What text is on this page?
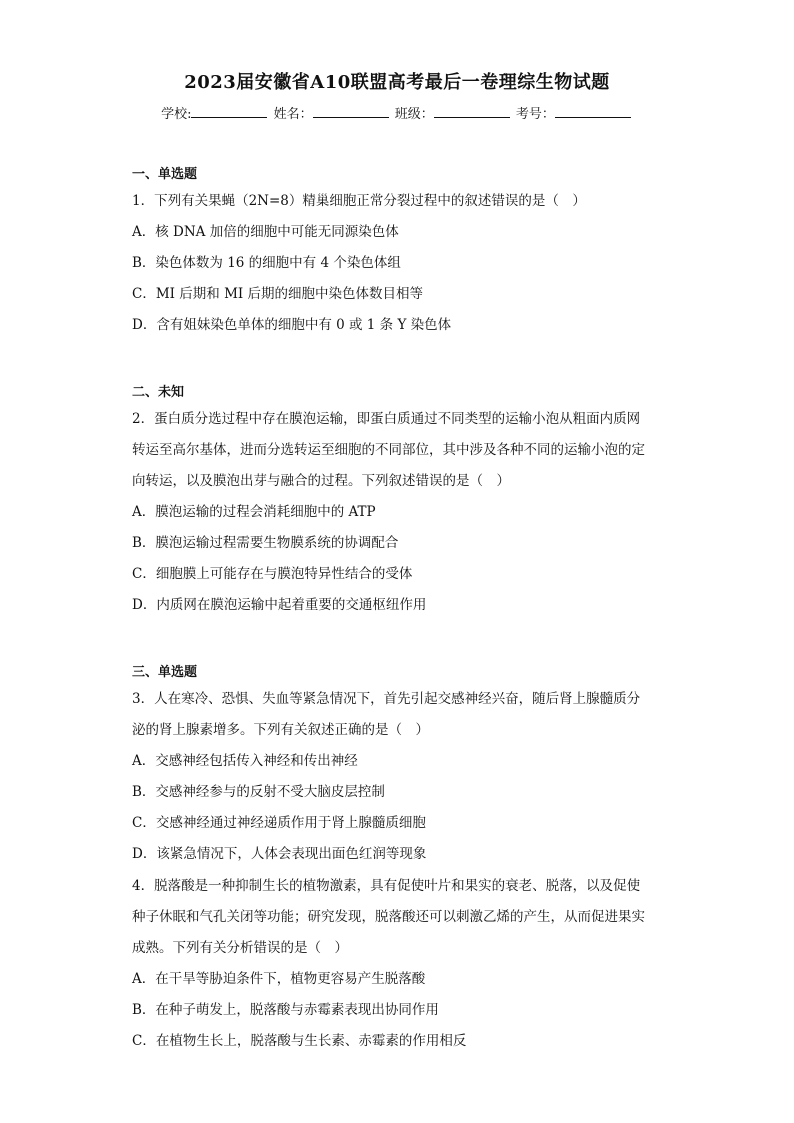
2023届安徽省A10联盟高考最后一卷理综生物试题
学校:	姓名：	班级：	考号：
一、单选题
1．下列有关果蝇（2N=8）精巢细胞正常分裂过程中的叙述错误的是（　）
A．核 DNA 加倍的细胞中可能无同源染色体
B．染色体数为 16 的细胞中有 4 个染色体组
C．MI 后期和 MI 后期的细胞中染色体数目相等
D．含有姐妹染色单体的细胞中有 0 或 1 条 Y 染色体
二、未知
2．蛋白质分选过程中存在膜泡运输，即蛋白质通过不同类型的运输小泡从粗面内质网
转运至高尔基体，进而分选转运至细胞的不同部位，其中涉及各种不同的运输小泡的定
向转运，以及膜泡出芽与融合的过程。下列叙述错误的是（　）
A．膜泡运输的过程会消耗细胞中的 ATP
B．膜泡运输过程需要生物膜系统的协调配合
C．细胞膜上可能存在与膜泡特异性结合的受体
D．内质网在膜泡运输中起着重要的交通枢纽作用
三、单选题
3．人在寒冷、恐惧、失血等紧急情况下，首先引起交感神经兴奋，随后肾上腺髓质分
泌的肾上腺素增多。下列有关叙述正确的是（　）
A．交感神经包括传入神经和传出神经
B．交感神经参与的反射不受大脑皮层控制
C．交感神经通过神经递质作用于肾上腺髓质细胞
D．该紧急情况下，人体会表现出面色红润等现象
4．脱落酸是一种抑制生长的植物激素，具有促使叶片和果实的衰老、脱落，以及促使
种子休眠和气孔关闭等功能；研究发现，脱落酸还可以刺激乙烯的产生，从而促进果实
成熟。下列有关分析错误的是（　）
A．在干旱等胁迫条件下，植物更容易产生脱落酸
B．在种子萌发上，脱落酸与赤霉素表现出协同作用
C．在植物生长上，脱落酸与生长素、赤霉素的作用相反
